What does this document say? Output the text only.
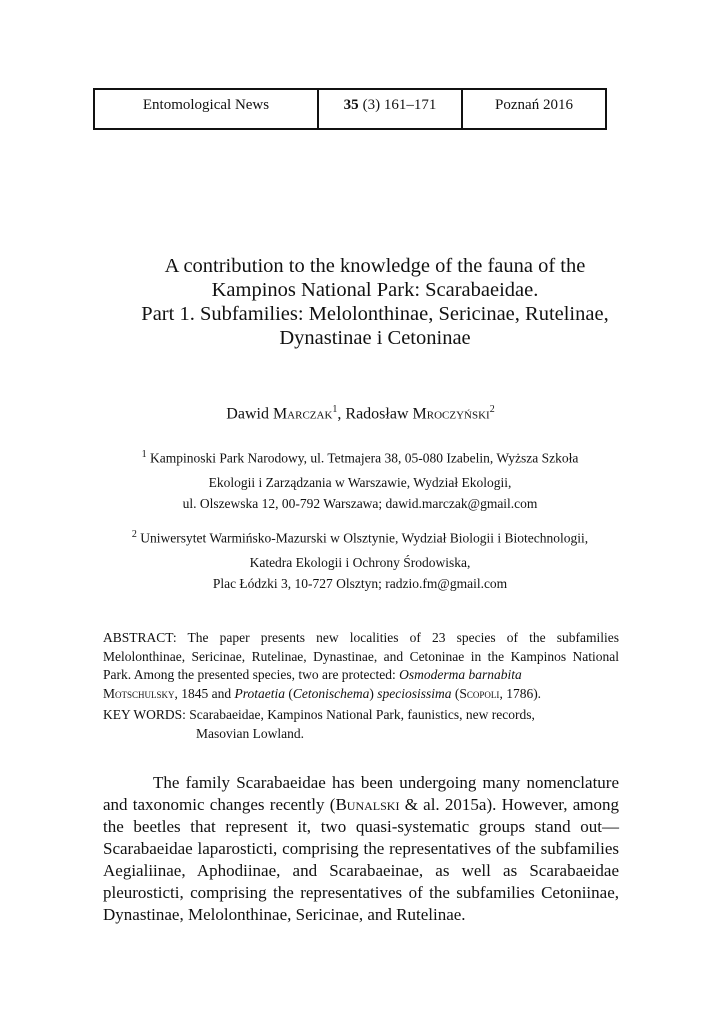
Entomological News	35 (3) 161–171	Poznań 2016
A contribution to the knowledge of the fauna of the
Kampinos National Park: Scarabaeidae.
Part 1. Subfamilies: Melolonthinae, Sericinae, Rutelinae,
Dynastinae i Cetoninae
Dawid Marczak$^1$, Radosław Mroczyński$^2$
$^1$ Kampinoski Park Narodowy, ul. Tetmajera 38, 05-080 Izabelin, Wyższa Szkoła
Ekologii i Zarządzania w Warszawie, Wydział Ekologii,
ul. Olszewska 12, 00-792 Warszawa; dawid.marczak@gmail.com
$^2$ Uniwersytet Warmińsko-Mazurski w Olsztynie, Wydział Biologii i Biotechnologii,
Katedra Ekologii i Ochrony Środowiska,
Plac Łódzki 3, 10-727 Olsztyn; radzio.fm@gmail.com
ABSTRACT: The paper presents new localities of 23 species of the subfamilies Melolonthinae, Sericinae, Rutelinae, Dynastinae, and Cetoninae in the Kampinos National Park. Among the presented species, two are protected: Osmoderma barnabita
Motschulsky, 1845 and Protaetia (Cetonischema) speciosissima (Scopoli, 1786).
KEY WORDS: Scarabaeidae, Kampinos National Park, faunistics, new records,
Masovian Lowland.

The family Scarabaeidae has been undergoing many nomenclature and taxonomic changes recently (Bunalski & al. 2015a). However, among the beetles that represent it, two quasi-systematic groups stand out—Scarabaeidae laparosticti, comprising the representatives of the subfamilies Aegialiinae, Aphodiinae, and Scarabaeinae, as well as Scarabaeidae pleurosticti, comprising the representatives of the subfamilies Cetoniinae, Dynastinae, Melolonthinae, Sericinae, and Rutelinae.
